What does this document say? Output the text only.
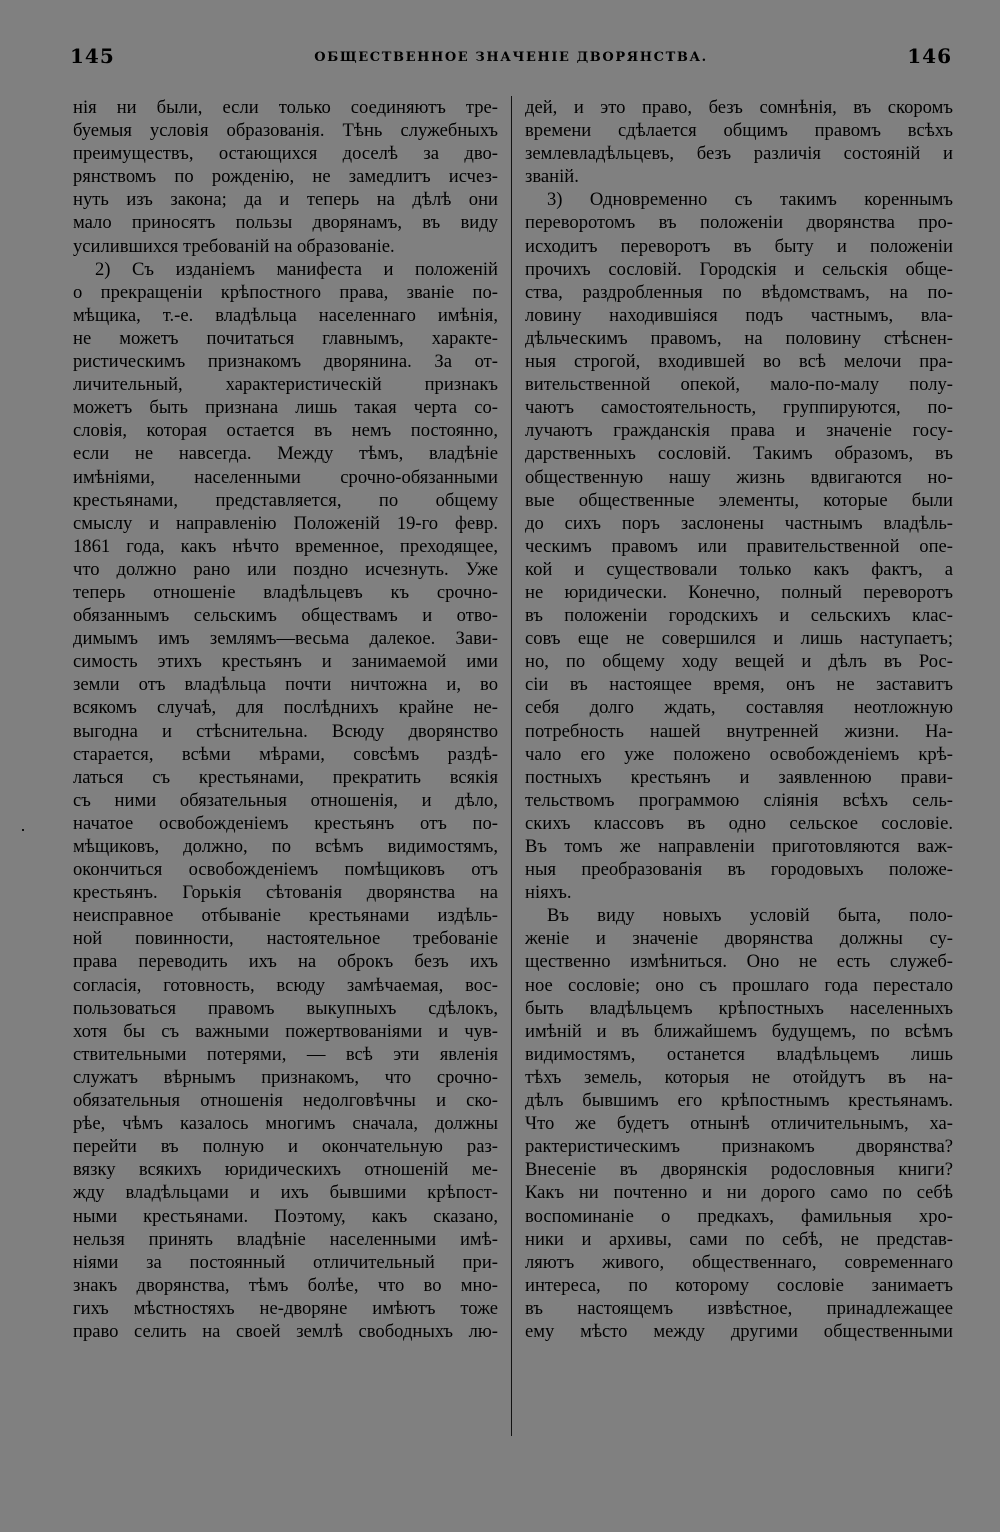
145	ОБЩЕСТВЕННОЕ ЗНАЧЕНІЕ ДВОРЯНСТВА.	146
нія ни были, если только соединяютъ тре-
буемыя условія образованія. Тѣнь служебныхъ
преимуществъ, остающихся доселѣ за дво-
рянствомъ по рожденію, не замедлитъ исчез-
нуть изъ закона; да и теперь на дѣлѣ они
мало приносятъ пользы дворянамъ, въ виду
усилившихся требованій на образованіе.
2) Съ изданіемъ манифеста и положеній
о прекращеніи крѣпостного права, званіе по-
мѣщика, т.-е. владѣльца населеннаго имѣнія,
не можетъ почитаться главнымъ, характе-
ристическимъ признакомъ дворянина. За от-
личительный, характеристическій признакъ
можетъ быть признана лишь такая черта со-
словія, которая остается въ немъ постоянно,
если не навсегда. Между тѣмъ, владѣніе
имѣніями, населенными срочно-обязанными
крестьянами, представляется, по общему
смыслу и направленію Положеній 19-го февр.
1861 года, какъ нѣчто временное, преходящее,
что должно рано или поздно исчезнуть. Уже
теперь отношеніе владѣльцевъ къ срочно-
обязаннымъ сельскимъ обществамъ и отво-
димымъ имъ землямъ—весьма далекое. Зави-
симость этихъ крестьянъ и занимаемой ими
земли отъ владѣльца почти ничтожна и, во
всякомъ случаѣ, для послѣднихъ крайне не-
выгодна и стѣснительна. Всюду дворянство
старается, всѣми мѣрами, совсѣмъ раздѣ-
латься съ крестьянами, прекратить всякія
съ ними обязательныя отношенія, и дѣло,
начатое освобожденіемъ крестьянъ отъ по-
мѣщиковъ, должно, по всѣмъ видимостямъ,
окончиться освобожденіемъ помѣщиковъ отъ
крестьянъ. Горькія сѣтованія дворянства на
неисправное отбываніе крестьянами издѣль-
ной повинности, настоятельное требованіе
права переводить ихъ на оброкъ безъ ихъ
согласія, готовность, всюду замѣчаемая, вос-
пользоваться правомъ выкупныхъ сдѣлокъ,
хотя бы съ важными пожертвованіями и чув-
ствительными потерями, — всѣ эти явленія
служатъ вѣрнымъ признакомъ, что срочно-
обязательныя отношенія недолговѣчны и ско-
рѣе, чѣмъ казалось многимъ сначала, должны
перейти въ полную и окончательную раз-
вязку всякихъ юридическихъ отношеній ме-
жду владѣльцами и ихъ бывшими крѣпост-
ными крестьянами. Поэтому, какъ сказано,
нельзя принять владѣніе населенными имѣ-
ніями за постоянный отличительный при-
знакъ дворянства, тѣмъ болѣе, что во мно-
гихъ мѣстностяхъ не-дворяне имѣютъ тоже
право селить на своей землѣ свободныхъ лю-
дей, и это право, безъ сомнѣнія, въ скоромъ
времени сдѣлается общимъ правомъ всѣхъ
землевладѣльцевъ, безъ различія состояній и
званій.
3) Одновременно съ такимъ кореннымъ
переворотомъ въ положеніи дворянства про-
исходитъ переворотъ въ быту и положеніи
прочихъ сословій. Городскія и сельскія обще-
ства, раздробленныя по вѣдомствамъ, на по-
ловину находившіяся подъ частнымъ, вла-
дѣльческимъ правомъ, на половину стѣснен-
ныя строгой, входившей во всѣ мелочи пра-
вительственной опекой, мало-по-малу полу-
чаютъ самостоятельность, группируются, по-
лучаютъ гражданскія права и значеніе госу-
дарственныхъ сословій. Такимъ образомъ, въ
общественную нашу жизнь вдвигаются но-
вые общественные элементы, которые были
до сихъ поръ заслонены частнымъ владѣль-
ческимъ правомъ или правительственной опе-
кой и существовали только какъ фактъ, а
не юридически. Конечно, полный переворотъ
въ положеніи городскихъ и сельскихъ клас-
совъ еще не совершился и лишь наступаетъ;
но, по общему ходу вещей и дѣлъ въ Рос-
сіи въ настоящее время, онъ не заставитъ
себя долго ждать, составляя неотложную
потребность нашей внутренней жизни. На-
чало его уже положено освобожденіемъ крѣ-
постныхъ крестьянъ и заявленною прави-
тельствомъ программою слiянія всѣхъ сель-
скихъ классовъ въ одно сельское сословіе.
Въ томъ же направленіи приготовляются важ-
ныя преобразованія въ городовыхъ положе-
ніяхъ.
Въ виду новыхъ условій быта, поло-
женіе и значеніе дворянства должны су-
щественно измѣниться. Оно не есть служеб-
ное сословіе; оно съ прошлаго года перестало
быть владѣльцемъ крѣпостныхъ населенныхъ
имѣній и въ ближайшемъ будущемъ, по всѣмъ
видимостямъ, останется владѣльцемъ лишь
тѣхъ земель, которыя не отойдутъ въ на-
дѣлъ бывшимъ его крѣпостнымъ крестьянамъ.
Что же будетъ отнынѣ отличительнымъ, ха-
рактеристическимъ признакомъ дворянства?
Внесеніе въ дворянскія родословныя книги?
Какъ ни почтенно и ни дорого само по себѣ
воспоминаніе о предкахъ, фамильныя хро-
ники и архивы, сами по себѣ, не представ-
ляютъ живого, общественнаго, современнаго
интереса, по которому сословіе занимаетъ
въ настоящемъ извѣстное, принадлежащее
ему мѣсто между другими общественными
